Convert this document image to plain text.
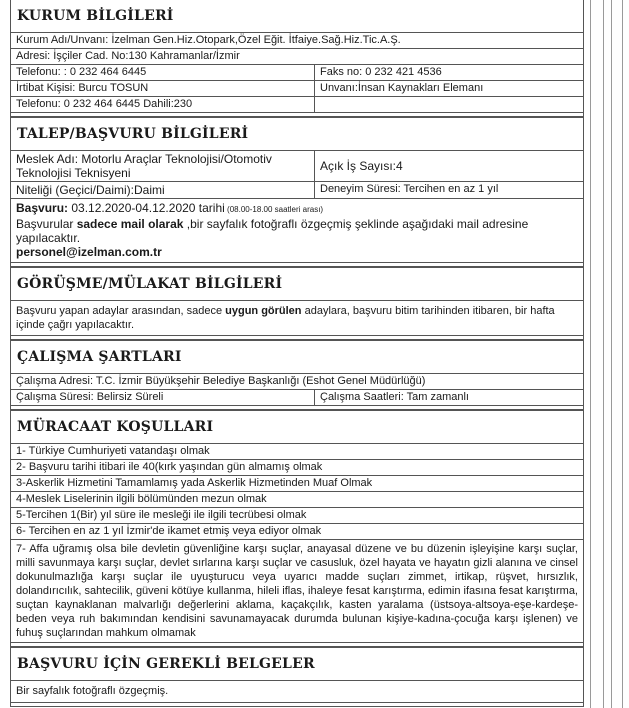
KURUM BİLGİLERİ
Kurum Adı/Unvanı: İzelman Gen.Hiz.Otopark,Özel Eğit. İtfaiye.Sağ.Hiz.Tic.A.Ş.
Adresi: İşçiler Cad. No:130 Kahramanlar/İzmir
Telefonu: : 0 232 464 6445	Faks no: 0 232 421 4536
İrtibat Kişisi: Burcu TOSUN	Unvanı:İnsan Kaynakları Elemanı
Telefonu: 0 232 464 6445 Dahili:230
TALEP/BAŞVURU BİLGİLERİ
Meslek Adı: Motorlu Araçlar Teknolojisi/Otomotiv Teknolojisi Teknisyeni	Açık İş Sayısı:4
Niteliği (Geçici/Daimi):Daimi	Deneyim Süresi: Tercihen en az 1 yıl
Başvuru: 03.12.2020-04.12.2020 tarihi (08.00-18.00 saatleri arası)
Başvurular sadece mail olarak ,bir sayfalık fotoğraflı özgeçmiş şeklinde aşağıdaki mail adresine yapılacaktır.
personel@izelman.com.tr
GÖRÜŞME/MÜLAKAT BİLGİLERİ
Başvuru yapan adaylar arasından, sadece uygun görülen adaylara, başvuru bitim tarihinden itibaren, bir hafta içinde çağrı yapılacaktır.
ÇALIŞMA ŞARTLARI
Çalışma Adresi: T.C. İzmir Büyükşehir Belediye Başkanlığı (Eshot Genel Müdürlüğü)
Çalışma Süresi: Belirsiz Süreli	Çalışma Saatleri: Tam zamanlı
MÜRACAAT KOŞULLARI
1- Türkiye Cumhuriyeti vatandaşı olmak
2- Başvuru tarihi itibari ile 40(kırk yaşından gün almamış olmak
3-Askerlik Hizmetini Tamamlamış yada Askerlik Hizmetinden Muaf Olmak
4-Meslek Liselerinin ilgili bölümünden mezun olmak
5-Tercihen 1(Bir) yıl süre ile mesleği ile ilgili tecrübesi olmak
6- Tercihen en az 1 yıl İzmir'de ikamet etmiş veya ediyor olmak
7- Affa uğramış olsa bile devletin güvenliğine karşı suçlar, anayasal düzene ve bu düzenin işleyişine karşı suçlar, milli savunmaya karşı suçlar, devlet sırlarına karşı suçlar ve casusluk, özel hayata ve hayatın gizli alanına ve cinsel dokunulmazlığa karşı suçlar ile uyuşturucu veya uyarıcı madde suçları zimmet, irtikap, rüşvet, hırsızlık, dolandırıcılık, sahtecilik, güveni kötüye kullanma, hileli iflas, ihaleye fesat karıştırma, edimin ifasına fesat karıştırma, suçtan kaynaklanan malvarlığı değerlerini aklama, kaçakçılık, kasten yaralama (üstsoya-altsoya-eşe-kardeşe-beden veya ruh bakımından kendisini savunamayacak durumda bulunan kişiye-kadına-çocuğa karşı işlenen) ve fuhuş suçlarından mahkum olmamak
BAŞVURU İÇİN GEREKLİ BELGELER
Bir sayfalık fotoğraflı özgeçmiş.
